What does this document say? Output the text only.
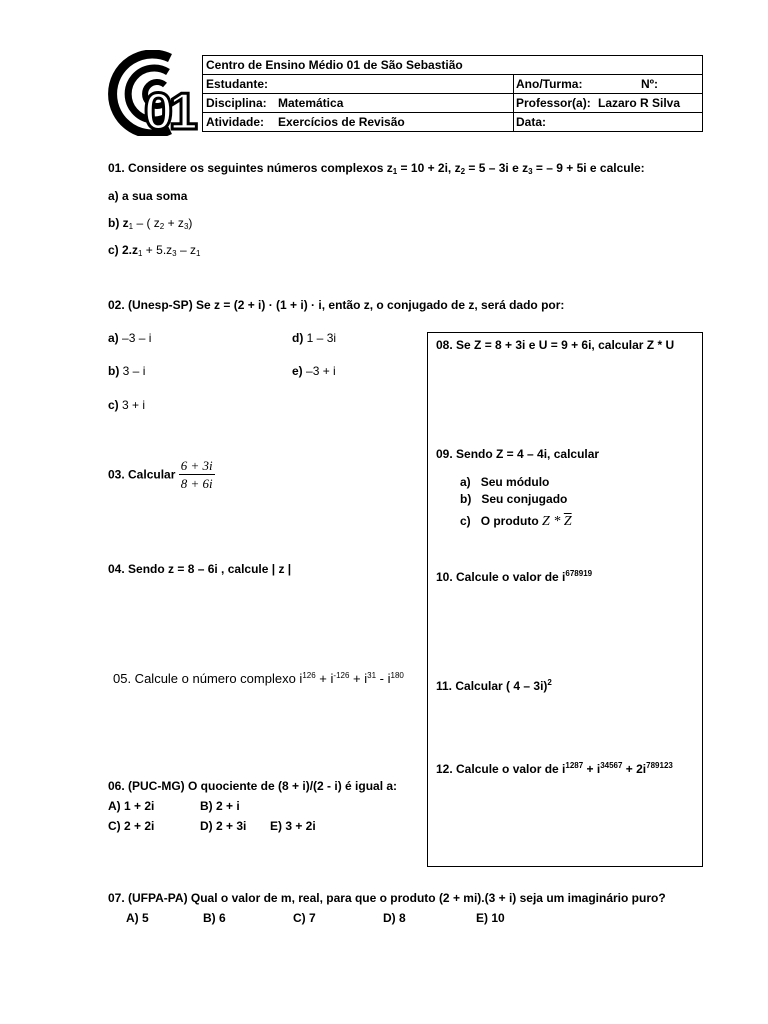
01
Centro de Ensino Médio 01 de São Sebastião
Estudante:	Ano/Turma:	Nº:
Disciplina: Matemática	Professor(a): Lazaro R Silva
Atividade: Exercícios de Revisão	Data:
01. Considere os seguintes números complexos $z_1 = 10 + 2i$, $z_2 = 5 - 3i$ e $z_3$ = – 9 + 5i e calcule:
a) a sua soma
b) $z_1$ – ( $z_2 + z_3$)
c) $2.z_1 + 5.z_3 - z_1$
02. (Unesp-SP) Se z = (2 + i) · (1 + i) · i, então z, o conjugado de z, será dado por:
a) –3 – i	d) 1 – 3i
b) 3 – i	e) –3 + i
c) 3 + i
03. Calcular $\frac{6 + 3i}{8 + 6i}$
04. Sendo z = 8 – 6i , calcule | z |
05. Calcule o número complexo $i^{126} + i^{-126} + i^{31} - i^{180}$
06. (PUC-MG) O quociente de (8 + i)/(2 - i) é igual a:
A) 1 + 2i	B) 2 + i
C) 2 + 2i	D) 2 + 3i E) 3 + 2i
07. (UFPA-PA) Qual o valor de m, real, para que o produto (2 + mi).(3 + i) seja um imaginário puro?
A) 5	B) 6	C) 7	D) 8	E) 10
08. Se Z = 8 + 3i e U = 9 + 6i, calcular Z * U
09. Sendo Z = 4 – 4i, calcular
a) Seu módulo
b) Seu conjugado
c) O produto Z * $\overline{Z}$
10. Calcule o valor de $i^{678919}$
11. Calcular ( 4 – 3i)$^2$
12. Calcule o valor de $i^{1287} + i^{34567} + 2i^{789123}$
